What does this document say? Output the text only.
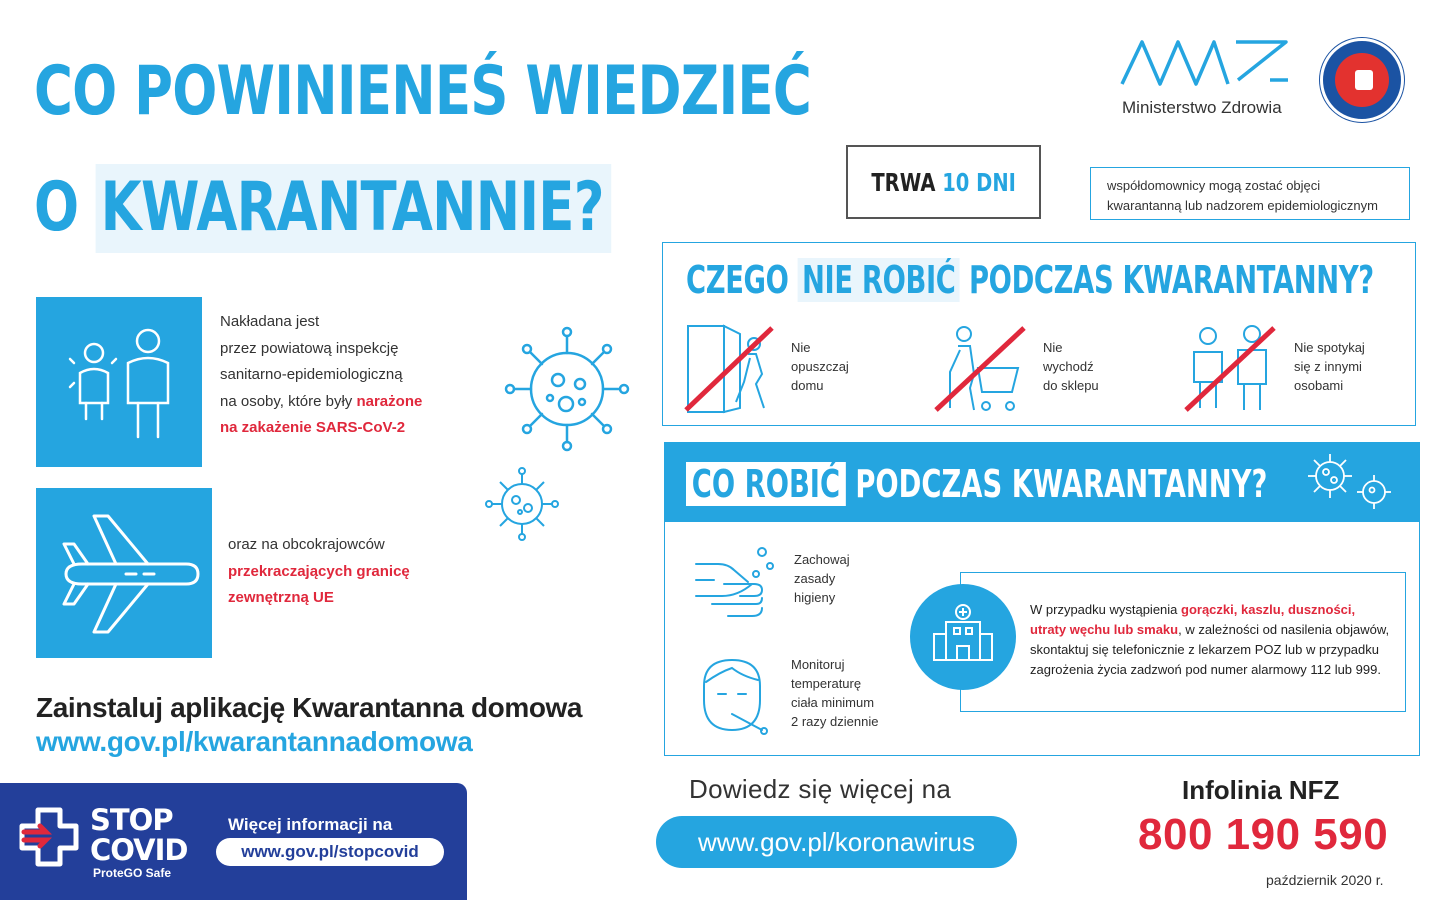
CO POWINIENEŚ WIEDZIEĆ
O KWARANTANNIE?
Ministerstwo Zdrowia
TRWA 10 DNI	współdomownicy mogą zostać objęci
kwarantanną lub nadzorem epidemiologicznym
Nakładana jest
przez powiatową inspekcję
sanitarno-epidemiologiczną
na osoby, które były narażone
na zakażenie SARS-CoV-2
oraz na obcokrajowców
przekraczających granicę
zewnętrzną UE
CZEGO NIE ROBIĆ PODCZAS KWARANTANNY?
Nie
opuszczaj
domu
Nie
wychodź
do sklepu
Nie spotykaj
się z innymi
osobami
CO ROBIĆ PODCZAS KWARANTANNY?
Zachowaj
zasady
higieny
Monitoruj
temperaturę
ciała minimum
2 razy dziennie
W przypadku wystąpienia gorączki, kaszlu, duszności,
utraty węchu lub smaku, w zależności od nasilenia objawów,
skontaktuj się telefonicznie z lekarzem POZ lub w przypadku
zagrożenia życia zadzwoń pod numer alarmowy 112 lub 999.
Zainstaluj aplikację Kwarantanna domowa
www.gov.pl/kwarantannadomowa
STOP
COVID
ProteGO Safe
Więcej informacji na
www.gov.pl/stopcovid
Dowiedz się więcej na
www.gov.pl/koronawirus
Infolinia NFZ
800 190 590
październik 2020 r.
